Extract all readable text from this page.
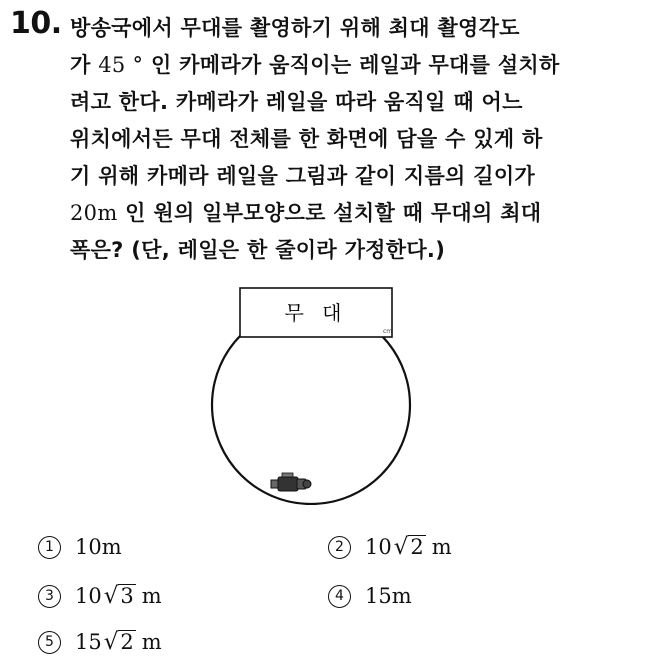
10. 방송국에서 무대를 촬영하기 위해 최대 촬영각도
가 45 ° 인 카메라가 움직이는 레일과 무대를 설치하
려고 한다. 카메라가 레일을 따라 움직일 때 어느
위치에서든 무대 전체를 한 화면에 담을 수 있게 하
기 위해 카메라 레일을 그림과 같이 지름의 길이가
20m 인 원의 일부모양으로 설치할 때 무대의 최대
폭은? (단, 레일은 한 줄이라 가정한다.)
무 대
cm
1	10 m	2	10 √ 2 m
3	10 √ 3 m	4	15 m
5	15 √ 2 m
